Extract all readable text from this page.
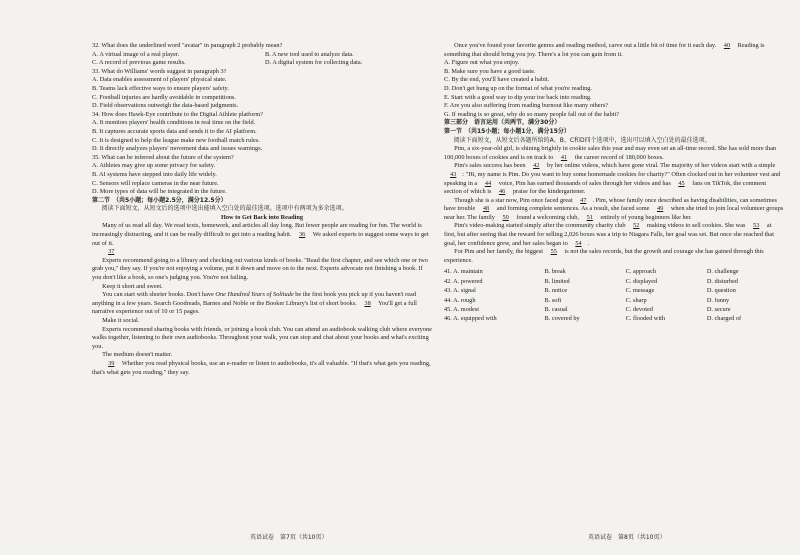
32. What does the underlined word "avatar" in paragraph 2 probably mean?

A. A virtual image of a real player.	B. A new tool used to analyze data.

C. A record of previous game results.	D. A digital system for collecting data.

33. What do Williams' words suggest in paragraph 3?

A. Data enables assessment of players' physical state.

B. Teams lack effective ways to ensure players' safety.

C. Football injuries are hardly avoidable in competitions.

D. Field observations outweigh the data-based judgments.

34. How does Hawk-Eye contribute to the Digital Athlete platform?

A. It monitors players' health conditions in real time on the field.

B. It captures accurate sports data and sends it to the AI platform.

C. It is designed to help the league make new football match rules.

D. It directly analyzes players' movement data and issues warnings.

35. What can be inferred about the future of the system?

A. Athletes may give up some privacy for safety.

B. AI systems have stepped into daily life widely.

C. Sensors will replace cameras in the near future.

D. More types of data will be integrated in the future.

第二节　（共5小题；每小题2.5分，满分12.5分）

阅读下面短文，从短文后的选项中选出能填入空白处的最佳选项。选项中有两项为多余选项。

How to Get Back into Reading

Many of us read all day. We read texts, homework, and articles all day long. But fewer people are reading for fun. The world is increasingly distracting, and it can be really difficult to get into a reading habit. 36 We asked experts to suggest some ways to get out of it.

37

Experts recommend going to a library and checking out various kinds of books. "Read the first chapter, and see which one or two grab you," they say. If you're not enjoying a volume, put it down and move on to the next. Experts advocate not finishing a book. If you don't like a book, so one's judging you. You're not failing.

Keep it short and sweet.

You can start with shorter books. Don't have One Hundred Years of Solitude be the first book you pick up if you haven't read anything in a few years. Search Goodreads, Barnes and Noble or the Booker Library's list of short books. 38 You'll get a full narrative experience out of 10 or 15 pages.

Make it social.

Experts recommend sharing books with friends, or joining a book club. You can attend an audiobook walking club where everyone walks together, listening to their own audiobooks. Throughout your walk, you can stop and chat about your books and what's exciting you.

The medium doesn't matter.

39 Whether you read physical books, use an e-reader or listen to audiobooks, it's all valuable. "If that's what gets you reading, that's what gets you reading," they say.

Once you've found your favorite genres and reading method, carve out a little bit of time for it each day. 40 Reading is something that should bring you joy. There's a lot you can gain from it.

A. Figure out what you enjoy.

B. Make sure you have a good taste.

C. By the end, you'll have created a habit.

D. Don't get hung up on the format of what you're reading.

E. Start with a good way to dip your toe back into reading.

F. Are you also suffering from reading burnout like many others?

G. If reading is so great, why do so many people fall out of the habit?

第三部分　语言运用（共两节，满分30分）

第一节　（共15小题；每小题1分，满分15分）

阅读下面短文，从短文后各题所给的A、B、C和D四个选项中，选出可以填入空白处的最佳选项。

Pim, a six-year-old girl, is shining brightly in cookie sales this year and may even set an all-time record. She has sold more than 100,000 boxes of cookies and is on track to 41 the career record of 180,000 boxes.

Pim's sales success has been 42 by her online videos, which have gone viral. The majority of her videos start with a simple 43 : "Hi, my name is Pim. Do you want to buy some homemade cookies for charity?" Often clocked out in her volunteer vest and speaking in a 44 voice, Pim has earned thousands of sales through her videos and has 45 fans on TikTok, the comment section of which is 46 praise for the kindergartener.

Though she is a star now, Pim once faced great 47 . Pim, whose family once described as having disabilities, can sometimes have trouble 48 and forming complete sentences. As a result, she faced some 49 when she tried to join local volunteer groups near her. The family 50 found a welcoming club, 51 entirely of young beginners like her.

Pim's video-making started simply after the community charity club 52 making videos to sell cookies. She was 53 at first, but after seeing that the reward for selling 2,026 boxes was a trip to Niagara Falls, her goal was set. But once she reached that goal, her confidence grew, and her sales began to 54 .

For Pim and her family, the biggest 55 is not the sales records, but the growth and courage she has gained through this experience.

41. A. maintain	B. break	C. approach	D. challenge
42. A. powered	B. limited	C. displayed	D. disturbed
43. A. signal	B. notice	C. message	D. question
44. A. rough	B. soft	C. sharp	D. funny
45. A. modest	B. casual	C. devoted	D. secure
46. A. equipped with	B. covered by	C. flooded with	D. charged of
英语试卷　第7页（共10页）	英语试卷　第8页（共10页）
